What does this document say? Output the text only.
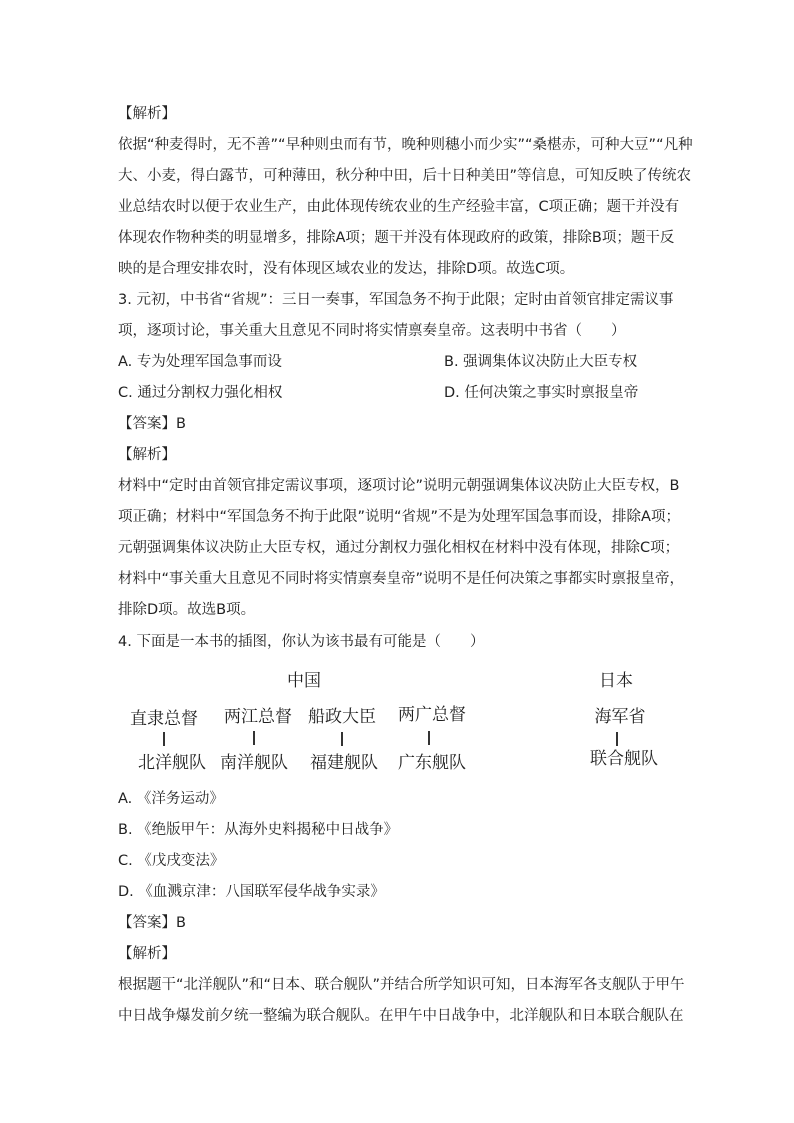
【解析】
依据“种麦得时，无不善”“早种则虫而有节，晚种则穗小而少实”“桑椹赤，可种大豆”“凡种
大、小麦，得白露节，可种薄田，秋分种中田，后十日种美田”等信息，可知反映了传统农
业总结农时以便于农业生产，由此体现传统农业的生产经验丰富，C项正确；题干并没有
体现农作物种类的明显增多，排除A项；题干并没有体现政府的政策，排除B项；题干反
映的是合理安排农时，没有体现区域农业的发达，排除D项。故选C项。
3. 元初，中书省“省规”：三日一奏事，军国急务不拘于此限；定时由首领官排定需议事
项，逐项讨论，事关重大且意见不同时将实情禀奏皇帝。这表明中书省（　　）
A. 专为处理军国急事而设	B. 强调集体议决防止大臣专权
C. 通过分割权力强化相权	D. 任何决策之事实时禀报皇帝
【答案】B
【解析】
材料中“定时由首领官排定需议事项，逐项讨论”说明元朝强调集体议决防止大臣专权，B
项正确；材料中“军国急务不拘于此限”说明“省规”不是为处理军国急事而设，排除A项；
元朝强调集体议决防止大臣专权，通过分割权力强化相权在材料中没有体现，排除C项；
材料中“事关重大且意见不同时将实情禀奏皇帝”说明不是任何决策之事都实时禀报皇帝，
排除D项。故选B项。
4. 下面是一本书的插图，你认为该书最有可能是（　　）
中国	日本
直隶总督 两江总督 船政大臣 两广总督	海军省
北洋舰队 南洋舰队	福建舰队	广东舰队	联合舰队
A. 《洋务运动》
B. 《绝版甲午：从海外史料揭秘中日战争》
C. 《戊戌变法》
D. 《血溅京津：八国联军侵华战争实录》
【答案】B
【解析】
根据题干“北洋舰队”和“日本、联合舰队”并结合所学知识可知，日本海军各支舰队于甲午
中日战争爆发前夕统一整编为联合舰队。在甲午中日战争中，北洋舰队和日本联合舰队在
